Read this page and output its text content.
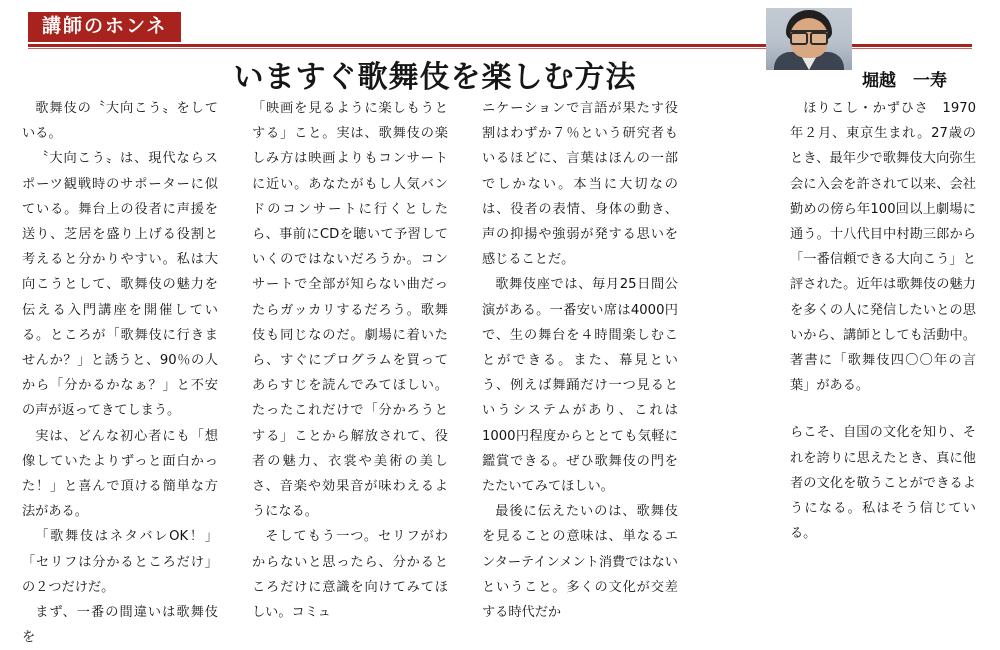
講師のホンネ
いますぐ歌舞伎を楽しむ方法	堀越　一寿

歌舞伎の〝大向こう〟をしている。

〝大向こう〟は、現代ならスポーツ観戦時のサポーターに似ている。舞台上の役者に声援を送り、芝居を盛り上げる役割と考えると分かりやすい。私は大向こうとして、歌舞伎の魅力を伝える入門講座を開催している。ところが「歌舞伎に行きませんか？」と誘うと、90％の人から「分かるかなぁ？」と不安の声が返ってきてしまう。

実は、どんな初心者にも「想像していたよりずっと面白かった！」と喜んで頂ける簡単な方法がある。

「歌舞伎はネタバレOK！」「セリフは分かるところだけ」の２つだけだ。

まず、一番の間違いは歌舞伎を

「映画を見るように楽しもうとする」こと。実は、歌舞伎の楽しみ方は映画よりもコンサートに近い。あなたがもし人気バンドのコンサートに行くとしたら、事前にCDを聴いて予習していくのではないだろうか。コンサートで全部が知らない曲だったらガッカリするだろう。歌舞伎も同じなのだ。劇場に着いたら、すぐにプログラムを買ってあらすじを読んでみてほしい。たったこれだけで「分かろうとする」ことから解放されて、役者の魅力、衣裳や美術の美しさ、音楽や効果音が味わえるようになる。

そしてもう一つ。セリフがわからないと思ったら、分かるところだけに意識を向けてみてほしい。コミュ

ニケーションで言語が果たす役割はわずか７％という研究者もいるほどに、言葉はほんの一部でしかない。本当に大切なのは、役者の表情、身体の動き、声の抑揚や強弱が発する思いを感じることだ。

歌舞伎座では、毎月25日間公演がある。一番安い席は4000円で、生の舞台を４時間楽しむことができる。また、幕見という、例えば舞踊だけ一つ見るというシステムがあり、これは1000円程度からととても気軽に鑑賞できる。ぜひ歌舞伎の門をたたいてみてほしい。

最後に伝えたいのは、歌舞伎を見ることの意味は、単なるエンターテインメント消費ではないということ。多くの文化が交差する時代だか

ほりこし・かずひさ　1970年２月、東京生まれ。27歳のとき、最年少で歌舞伎大向弥生会に入会を許されて以来、会社勤めの傍ら年100回以上劇場に通う。十八代目中村勘三郎から「一番信頼できる大向こう」と評された。近年は歌舞伎の魅力を多くの人に発信したいとの思いから、講師としても活動中。著書に「歌舞伎四〇〇年の言葉」がある。

らこそ、自国の文化を知り、それを誇りに思えたとき、真に他者の文化を敬うことができるようになる。私はそう信じている。
